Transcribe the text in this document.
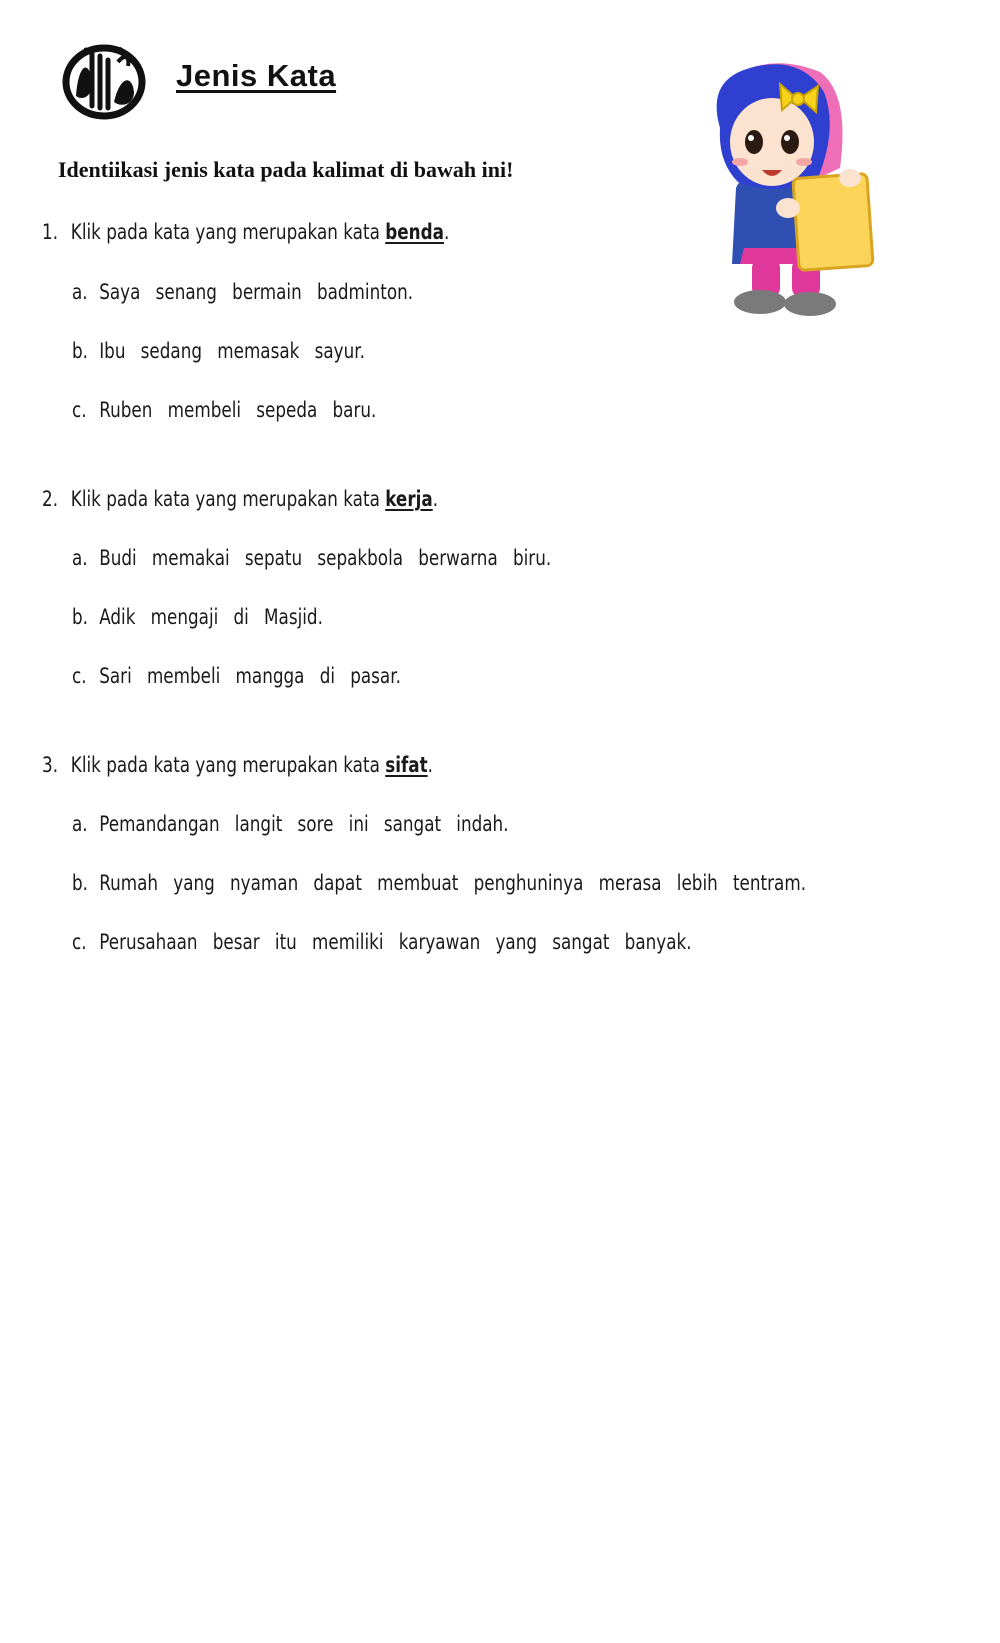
Jenis Kata

Identiikasi jenis kata pada kalimat di bawah ini!

1. Klik pada kata yang merupakan kata benda.
a. Saya senang bermain badminton.
b. Ibu sedang memasak sayur.
c. Ruben membeli sepeda baru.
2. Klik pada kata yang merupakan kata kerja.
a. Budi memakai sepatu sepakbola berwarna biru.
b. Adik mengaji di Masjid.
c. Sari membeli mangga di pasar.
3. Klik pada kata yang merupakan kata sifat.
a. Pemandangan langit sore ini sangat indah.
b. Rumah yang nyaman dapat membuat penghuninya merasa lebih tentram.
c. Perusahaan besar itu memiliki karyawan yang sangat banyak.
